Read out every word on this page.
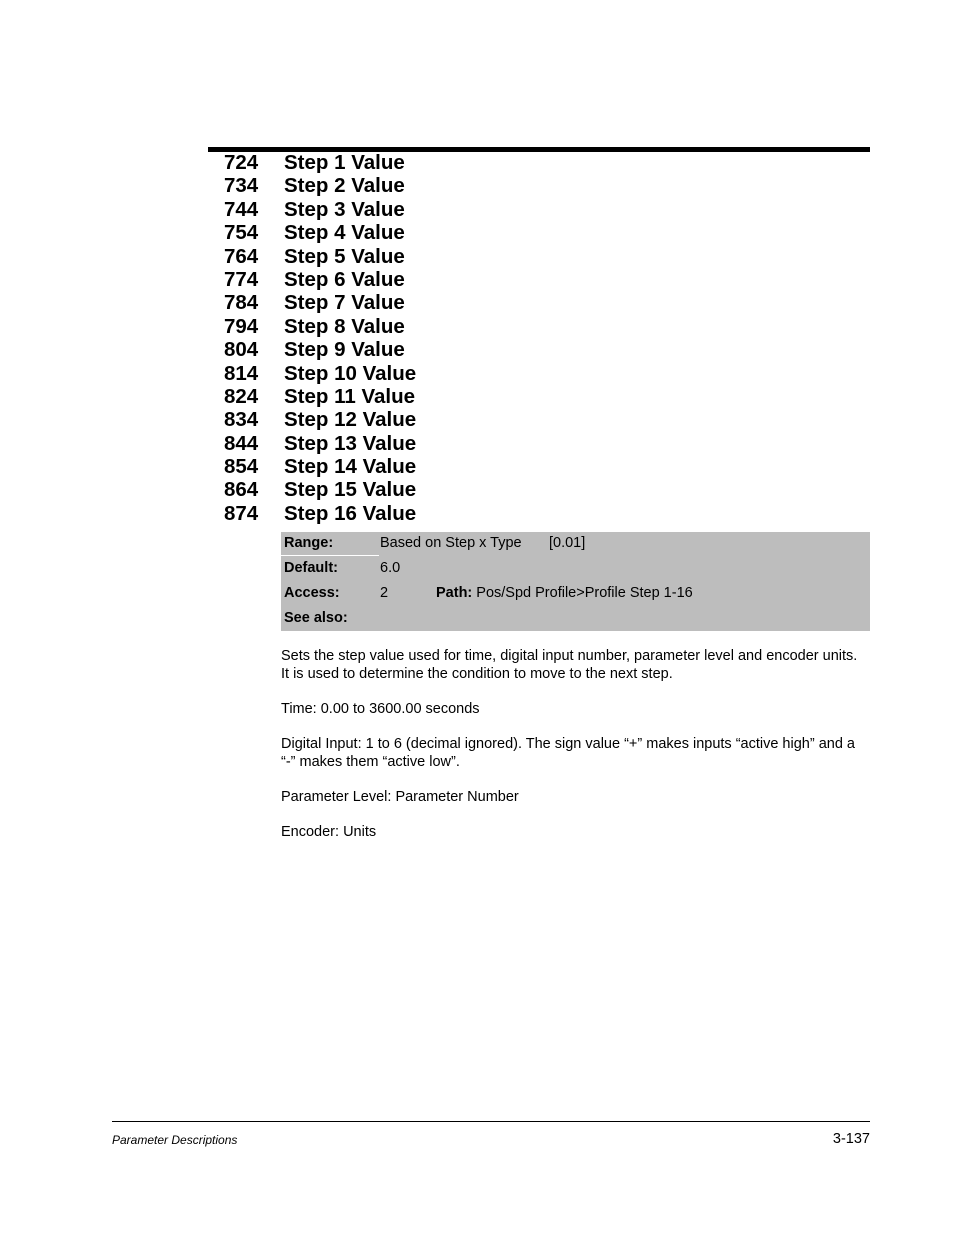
724 Step 1 Value
734 Step 2 Value
744 Step 3 Value
754 Step 4 Value
764 Step 5 Value
774 Step 6 Value
784 Step 7 Value
794 Step 8 Value
804 Step 9 Value
814 Step 10 Value
824 Step 11 Value
834 Step 12 Value
844 Step 13 Value
854 Step 14 Value
864 Step 15 Value
874 Step 16 Value
Range:	Based on Step x Type [0.01]
Default:	6.0
Access:	2	Path: Pos/Spd Profile>Profile Step 1-16
See also:

Sets the step value used for time, digital input number, parameter level and encoder units. It is used to determine the condition to move to the next step.

Time: 0.00 to 3600.00 seconds

Digital Input: 1 to 6 (decimal ignored). The sign value “+” makes inputs “active high” and a “-” makes them “active low”.

Parameter Level: Parameter Number

Encoder: Units

Parameter Descriptions	3-137
